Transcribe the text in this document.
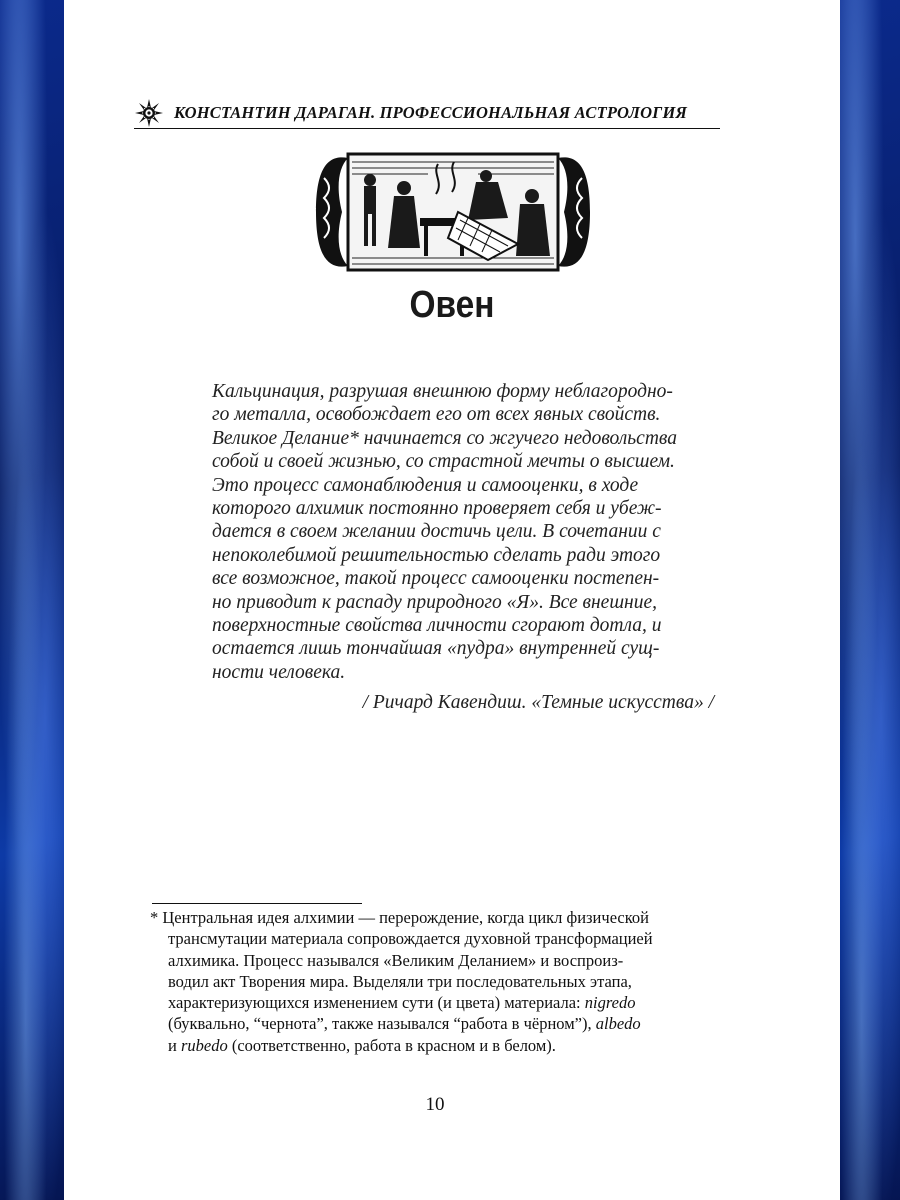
КОНСТАНТИН ДАРАГАН. ПРОФЕССИОНАЛЬНАЯ АСТРОЛОГИЯ
Овен
Кальцинация, разрушая внешнюю форму неблагородно-
го металла, освобождает его от всех явных свойств.
Великое Делание* начинается со жгучего недовольства
собой и своей жизнью, со страстной мечты о высшем.
Это процесс самонаблюдения и самооценки, в ходе
которого алхимик постоянно проверяет себя и убеж-
дается в своем желании достичь цели. В сочетании с
непоколебимой решительностью сделать ради этого
все возможное, такой процесс самооценки постепен-
но приводит к распаду природного «Я». Все внешние,
поверхностные свойства личности сгорают дотла, и
остается лишь тончайшая «пудра» внутренней сущ-
ности человека.
/ Ричард Кавендиш. «Темные искусства» /
* Центральная идея алхимии — перерождение, когда цикл физической
трансмутации материала сопровождается духовной трансформацией
алхимика. Процесс назывался «Великим Деланием» и воспроиз-
водил акт Творения мира. Выделяли три последовательных этапа,
характеризующихся изменением сути (и цвета) материала: nigredo
(буквально, “чернота”, также назывался “работа в чёрном”), albedo
и rubedo (соответственно, работа в красном и в белом).
10
